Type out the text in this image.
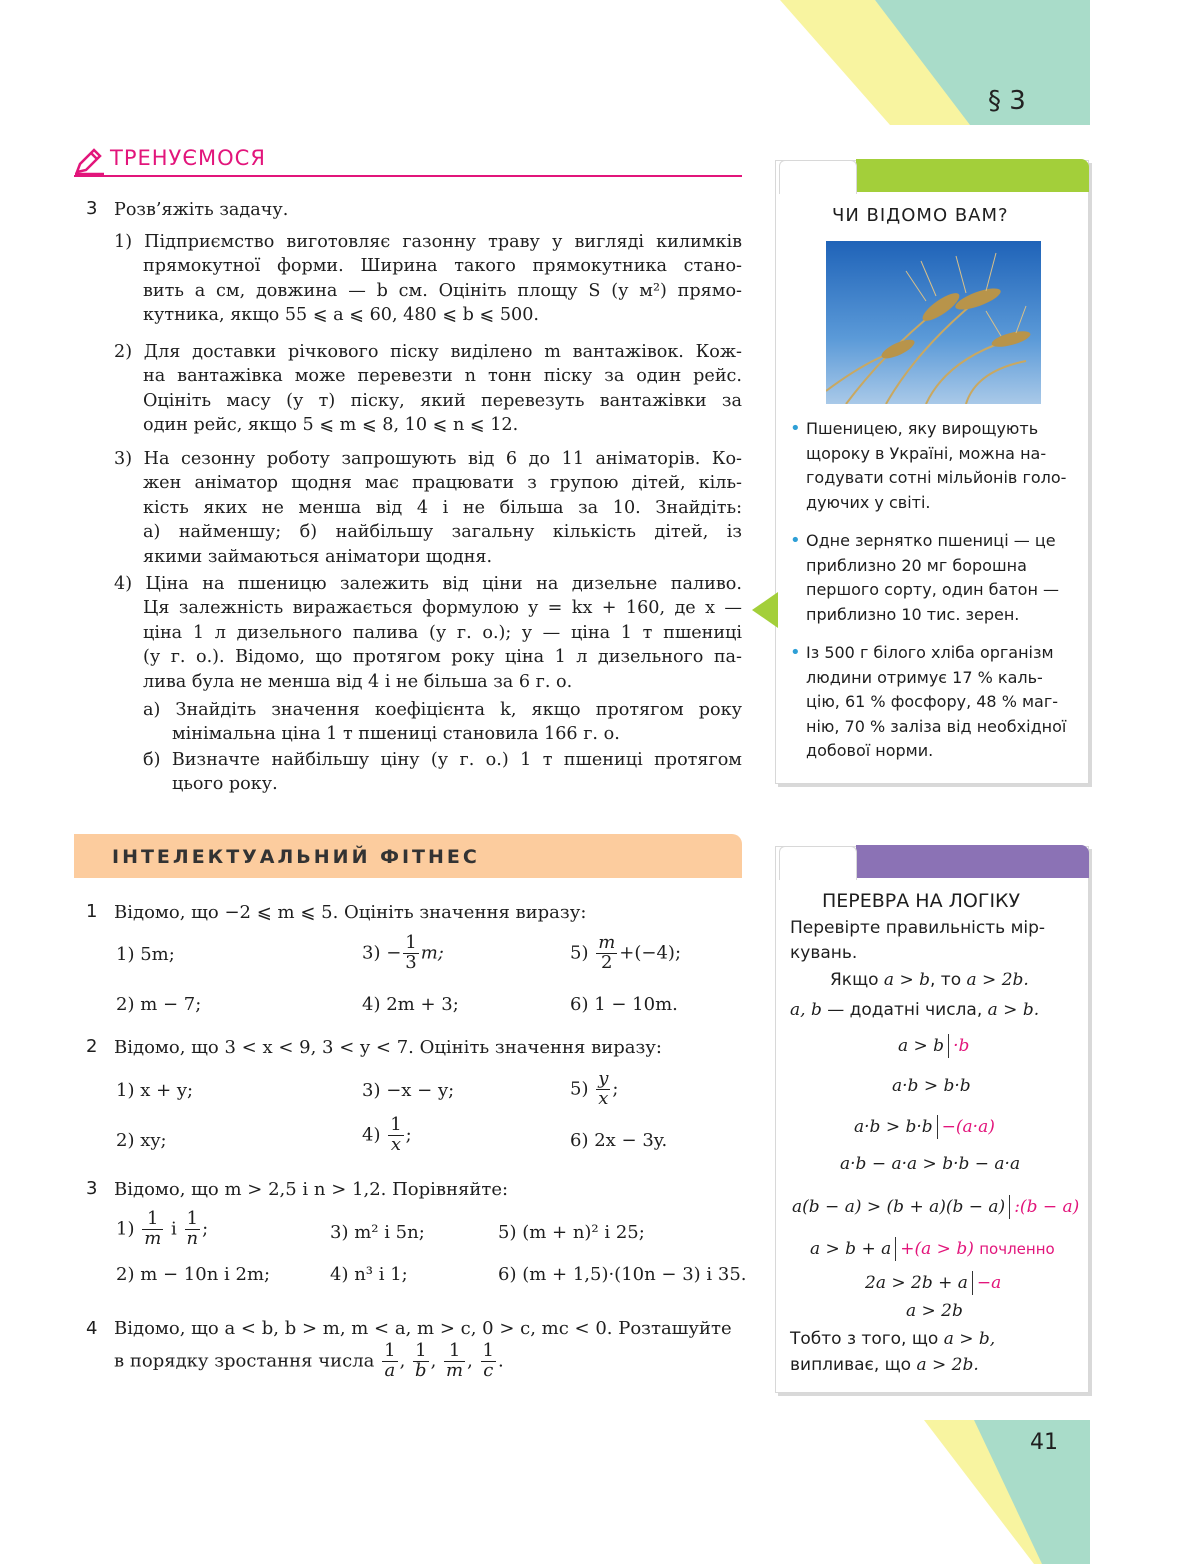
§ 3
ТРЕНУЄМОСЯ
3 Розв’яжіть задачу.
1) Підприємство виготовляє газонну траву у вигляді килимків
прямокутної форми. Ширина такого прямокутника стано-
вить a см, довжина — b см. Оцініть площу S (у м²) прямо-
кутника, якщо 55 ⩽ a ⩽ 60, 480 ⩽ b ⩽ 500.
2) Для доставки річкового піску виділено m вантажівок. Кож-
на вантажівка може перевезти n тонн піску за один рейс.
Оцініть масу (у т) піску, який перевезуть вантажівки за
один рейс, якщо 5 ⩽ m ⩽ 8, 10 ⩽ n ⩽ 12.
3) На сезонну роботу запрошують від 6 до 11 аніматорів. Ко-
жен аніматор щодня має працювати з групою дітей, кіль-
кість яких не менша від 4 і не більша за 10. Знайдіть:
а) найменшу; б) найбільшу загальну кількість дітей, із
якими займаються аніматори щодня.
4) Ціна на пшеницю залежить від ціни на дизельне паливо.
Ця залежність виражається формулою y = kx + 160, де x —
ціна 1 л дизельного палива (у г. о.); y — ціна 1 т пшениці
(у г. о.). Відомо, що протягом року ціна 1 л дизельного па-
лива була не менша від 4 і не більша за 6 г. о.
а) Знайдіть значення коефіцієнта k, якщо протягом року
мінімальна ціна 1 т пшениці становила 166 г. о.
б) Визначте найбільшу ціну (у г. о.) 1 т пшениці протягом
цього року.
ІНТЕЛЕКТУАЛЬНИЙ ФІТНЕС
1 Відомо, що −2 ⩽ m ⩽ 5. Оцініть значення виразу:
1) 5m;	$3) - \frac{1}{3} m$;	$5) \frac{m}{2} +(-4)$;
2) m − 7;	4) 2m + 3;	6) 1 − 10m.
2 Відомо, що 3 < x < 9, 3 < y < 7. Оцініть значення виразу:
1) x + y;	3) −x − y;	$5) \frac{y}{x}$ ;
2) xy;	$4) \frac{1}{x}$ ;	6) 2x − 3y.
3 Відомо, що m > 2,5 і n > 1,2. Порівняйте:
$1) \frac{1}{m}$ і $\frac{1}{n}$ ;	3) m² і 5n;	5) (m + n)² і 25;
2) m − 10n і 2m;	4) n³ і 1;	6) (m + 1,5)·(10n − 3) і 35.
4 Відомо, що a < b, b > m, m < a, m > c, 0 > c, mc < 0. Розташуйте
в порядку зростання числа $\frac{1}{a}$ , $\frac{1}{b}$ , $\frac{1}{m}$ , $\frac{1}{c}$ .
ЧИ ВІДОМО ВАМ?
• Пшеницею, яку вирощують
щороку в Україні, можна на-
годувати сотні мільйонів голо-
дуючих у світі.
• Одне зернятко пшениці — це
приблизно 20 мг борошна
першого сорту, один батон —
приблизно 10 тис. зерен.
• Із 500 г білого хліба організм
людини отримує 17 % каль-
цію, 61 % фосфору, 48 % маг-
нію, 70 % заліза від необхідної
добової норми.
ПЕРЕВРА НА ЛОГІКУ
Перевірте правильність мір-
кувань.
Якщо a > b, то a > 2b.
a, b — додатні числа, a > b.
a > b ·b
a·b > b·b
a·b > b·b −(a·a)
a·b − a·a > b·b − a·a
a(b − a) > (b + a)(b − a) :(b − a)
a > b + a +(a > b) почленно
2a > 2b + a −a
a > 2b
Тобто з того, що a > b,
випливає, що a > 2b.
41
